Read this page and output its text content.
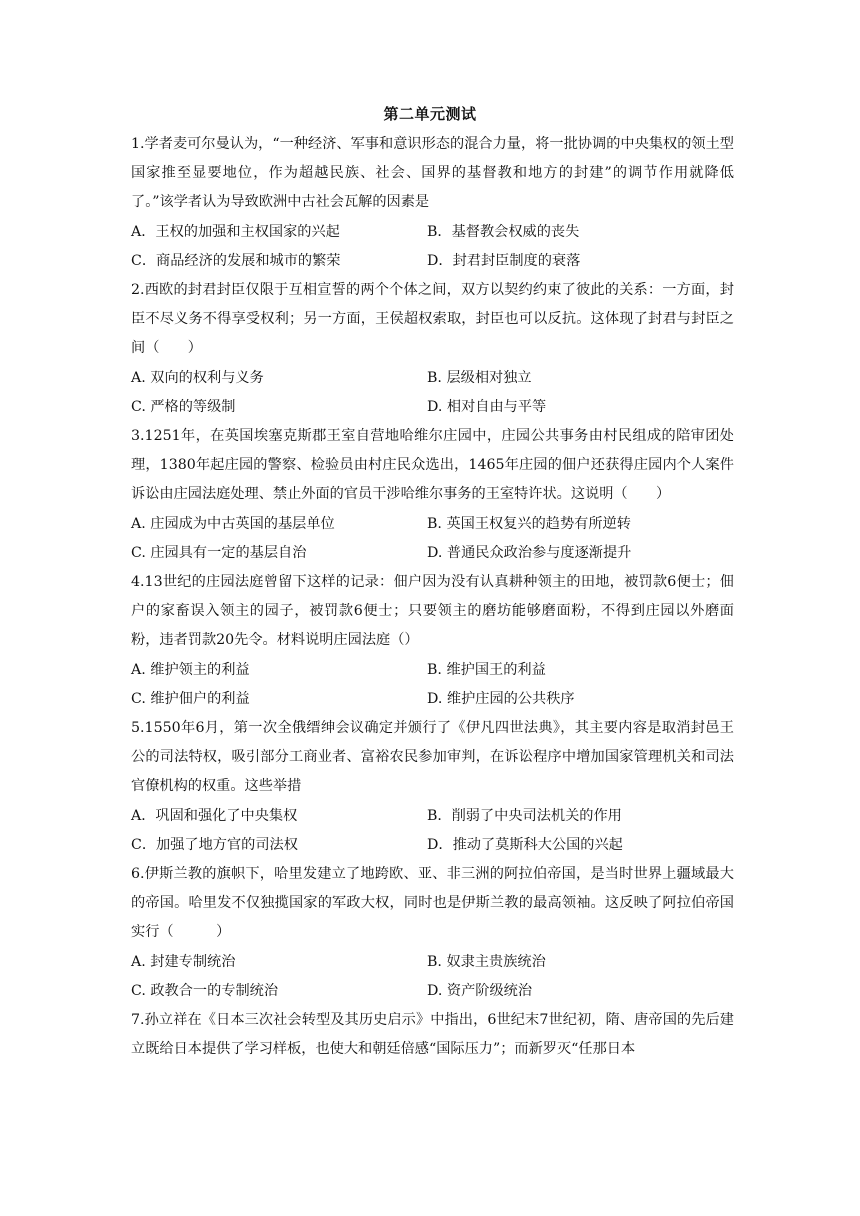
第二单元测试
1.学者麦可尔曼认为，“一种经济、军事和意识形态的混合力量，将一批协调的中央集权的领土型国家推至显要地位，作为超越民族、社会、国界的基督教和地方的封建”的调节作用就降低了。”该学者认为导致欧洲中古社会瓦解的因素是
A．王权的加强和主权国家的兴起	B．基督教会权威的丧失
C．商品经济的发展和城市的繁荣	D．封君封臣制度的衰落
2.西欧的封君封臣仅限于互相宣誓的两个个体之间，双方以契约约束了彼此的关系：一方面，封臣不尽义务不得享受权利；另一方面，王侯超权索取，封臣也可以反抗。这体现了封君与封臣之间（　　）
A. 双向的权利与义务	B. 层级相对独立
C. 严格的等级制	D. 相对自由与平等
3.1251年，在英国埃塞克斯郡王室自营地哈维尔庄园中，庄园公共事务由村民组成的陪审团处理，1380年起庄园的警察、检验员由村庄民众选出，1465年庄园的佃户还获得庄园内个人案件诉讼由庄园法庭处理、禁止外面的官员干涉哈维尔事务的王室特许状。这说明（　　）
A. 庄园成为中古英国的基层单位	B. 英国王权复兴的趋势有所逆转
C. 庄园具有一定的基层自治	D. 普通民众政治参与度逐渐提升
4.13世纪的庄园法庭曾留下这样的记录：佃户因为没有认真耕种领主的田地，被罚款6便士；佃户的家畜误入领主的园子，被罚款6便士；只要领主的磨坊能够磨面粉，不得到庄园以外磨面粉，违者罚款20先令。材料说明庄园法庭（）
A. 维护领主的利益	B. 维护国王的利益
C. 维护佃户的利益	D. 维护庄园的公共秩序
5.1550年6月，第一次全俄缙绅会议确定并颁行了《伊凡四世法典》，其主要内容是取消封邑王公的司法特权，吸引部分工商业者、富裕农民参加审判，在诉讼程序中增加国家管理机关和司法官僚机构的权重。这些举措
A．巩固和强化了中央集权	B．削弱了中央司法机关的作用
C．加强了地方官的司法权	D．推动了莫斯科大公国的兴起
6.伊斯兰教的旗帜下，哈里发建立了地跨欧、亚、非三洲的阿拉伯帝国，是当时世界上疆域最大的帝国。哈里发不仅独揽国家的军政大权，同时也是伊斯兰教的最高领袖。这反映了阿拉伯帝国实行（　　　）
A. 封建专制统治	B. 奴隶主贵族统治
C. 政教合一的专制统治	D. 资产阶级统治
7.孙立祥在《日本三次社会转型及其历史启示》中指出，6世纪末7世纪初，隋、唐帝国的先后建立既给日本提供了学习样板，也使大和朝廷倍感“国际压力”；而新罗灭“任那日本
